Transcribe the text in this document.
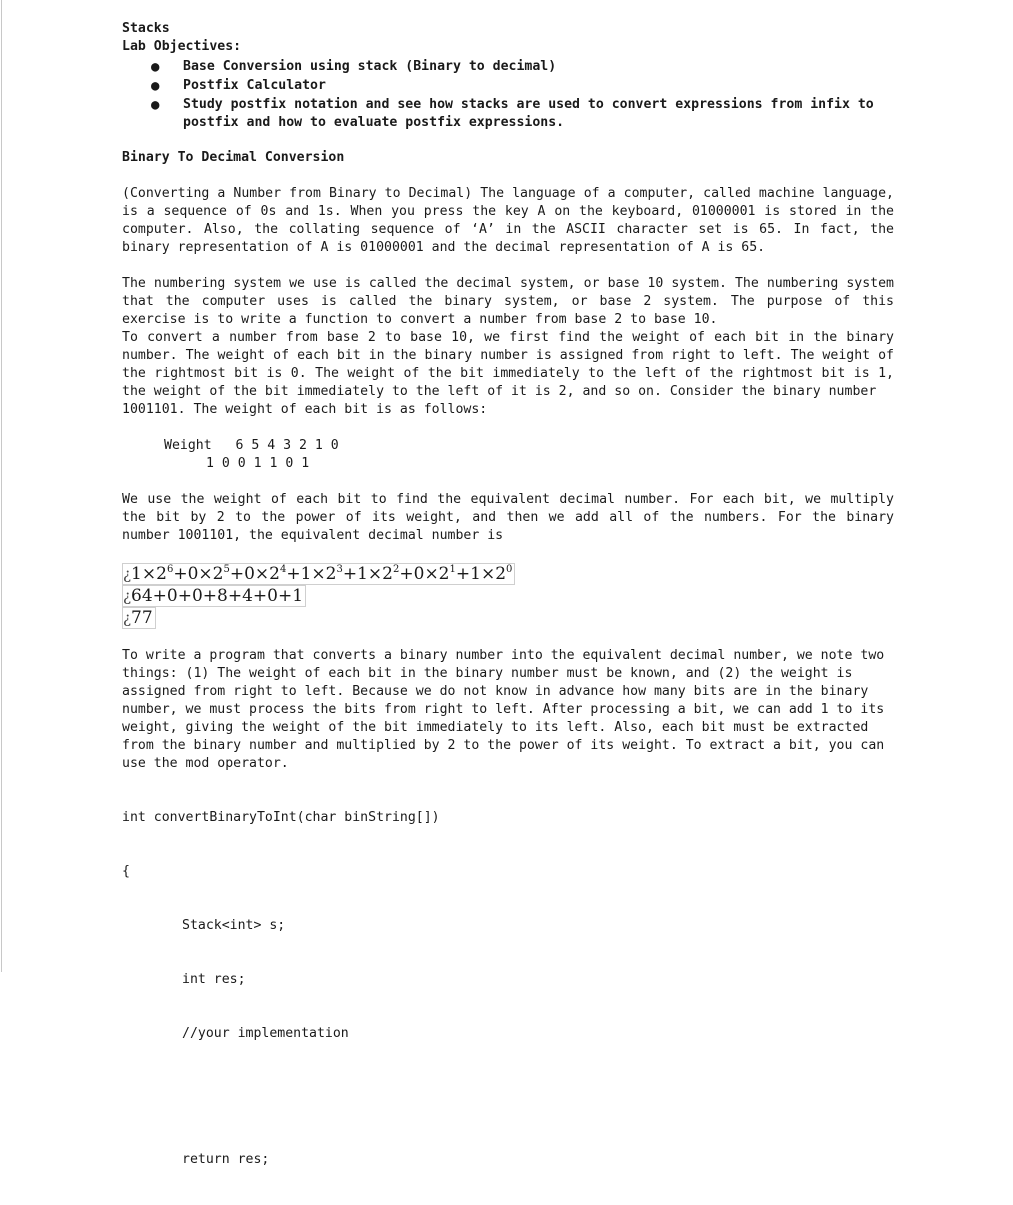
Stacks
Lab Objectives:
● Base Conversion using stack (Binary to decimal)
● Postfix Calculator
● Study postfix notation and see how stacks are used to convert expressions from infix to postfix and how to evaluate postfix expressions.
Binary To Decimal Conversion
(Converting a Number from Binary to Decimal) The language of a computer, called machine language, is a sequence of 0s and 1s. When you press the key A on the keyboard, 01000001 is stored in the computer. Also, the collating sequence of ‘A’ in the ASCII character set is 65. In fact, the binary representation of A is 01000001 and the decimal representation of A is 65.
The numbering system we use is called the decimal system, or base 10 system. The numbering system that the computer uses is called the binary system, or base 2 system. The purpose of this exercise is to write a function to convert a number from base 2 to base 10.
To convert a number from base 2 to base 10, we first find the weight of each bit in the binary number. The weight of each bit in the binary number is assigned from right to left. The weight of the rightmost bit is 0. The weight of the bit immediately to the left of the rightmost bit is 1, the weight of the bit immediately to the left of it is 2, and so on. Consider the binary number
1001101. The weight of each bit is as follows:
Weight 6 5 4 3 2 1 0
1 0 0 1 1 0 1
We use the weight of each bit to find the equivalent decimal number. For each bit, we multiply the bit by 2 to the power of its weight, and then we add all of the numbers. For the binary number 1001101, the equivalent decimal number is
¿$1\times 2^6+0\times 2^5+0\times 2^4+1\times 2^3+1\times 2^2+0\times 2^1+1\times 2^0$
¿64+0+0+8+4+0+1
¿77
To write a program that converts a binary number into the equivalent decimal number, we note two things: (1) The weight of each bit in the binary number must be known, and (2) the weight is assigned from right to left. Because we do not know in advance how many bits are in the binary
number, we must process the bits from right to left. After processing a bit, we can add 1 to its weight, giving the weight of the bit immediately to its left. Also, each bit must be extracted from the binary number and multiplied by 2 to the power of its weight. To extract a bit, you can use the mod operator.

int convertBinaryToInt(char binString[])

{

Stack<int> s;

int res;

//your implementation

return res;
